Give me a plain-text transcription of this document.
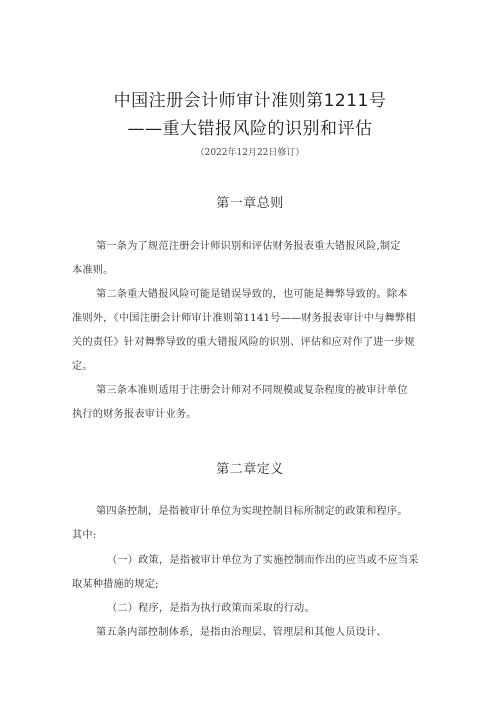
中国注册会计师审计准则第1211号
——重大错报风险的识别和评估
（2022年12月22日修订）
第一章总则
第一条为了规范注册会计师识别和评估财务报表重大错报风险,制定
本准则。
第二条重大错报风险可能是错误导致的，也可能是舞弊导致的。除本
准则外，《中国注册会计师审计准则第1141号——财务报表审计中与舞弊相
关的责任》针对舞弊导致的重大错报风险的识别、评估和应对作了进一步规
定。
第三条本准则适用于注册会计师对不同规模或复杂程度的被审计单位
执行的财务报表审计业务。
第二章定义
第四条控制，是指被审计单位为实现控制目标所制定的政策和程序。
其中:
（一）政策，是指被审计单位为了实施控制而作出的应当或不应当采
取某种措施的规定;
（二）程序，是指为执行政策而采取的行动。
第五条内部控制体系，是指由治理层、管理层和其他人员设计、
